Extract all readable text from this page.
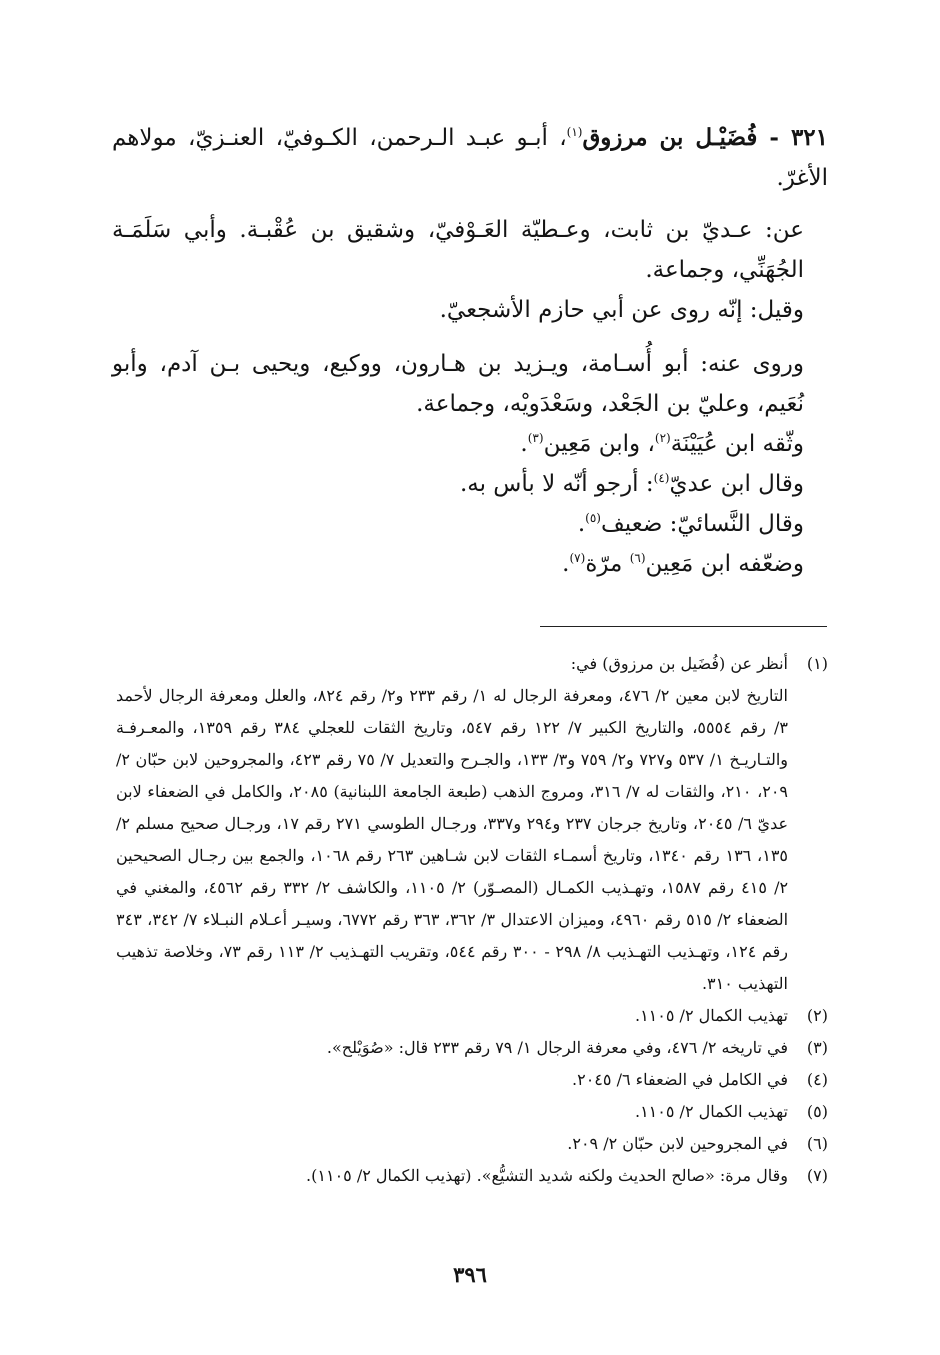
٣٢١ - فُضَيْـل بن مرزوق$^{(١)}$، أبـو عبـد الـرحمن، الكـوفيّ، العنـزيّ، مولاهم الأغرّ.

عن: عـديّ بن ثابت، وعـطيّة العَـوْفيّ، وشقيق بن عُقْبـة. وأبي سَلَمَـة الجُهَنِّي، وجماعة.

وقيل: إنّه روى عن أبي حازم الأشجعيّ.

وروى عنه: أبو أُسـامة، ويـزيد بن هـارون، ووكيع، ويحيى بـن آدم، وأبو نُعَيم، وعليّ بن الجَعْد، وسَعْدَويْه، وجماعة.

وثّقه ابن عُيَيْنَة$^{(٢)}$، وابن مَعِين$^{(٣)}$.

وقال ابن عديّ$^{(٤)}$: أرجو أنّه لا بأس به.

وقال النَّسائيّ: ضعيف$^{(٥)}$.

وضعّفه ابن مَعِين$^{(٦)}$ مرّة$^{(٧)}$.

(١)
أنظر عن (فُضَيل بن مرزوق) في:
التاريخ لابن معين ٢/ ٤٧٦، ومعرفة الرجال له ١/ رقم ٢٣٣ و٢/ رقم ٨٢٤، والعلل ومعرفة الرجال لأحمد ٣/ رقم ٥٥٥٤، والتاريخ الكبير ٧/ ١٢٢ رقم ٥٤٧، وتاريخ الثقات للعجلي ٣٨٤ رقم ١٣٥٩، والمعـرفـة والتـاريـخ ١/ ٥٣٧ و٧٢٧ و٢/ ٧٥٩ و٣/ ١٣٣، والجـرح والتعديل ٧/ ٧٥ رقم ٤٢٣، والمجروحين لابن حبّان ٢/ ٢٠٩، ٢١٠، والثقات له ٧/ ٣١٦، ومروج الذهب (طبعة الجامعة اللبنانية) ٢٠٨٥، والكامل في الضعفاء لابن عديّ ٦/ ٢٠٤٥، وتاريخ جرجان ٢٣٧ و٢٩٤ و٣٣٧، ورجـال الطوسي ٢٧١ رقم ١٧، ورجـال صحيح مسلم ٢/ ١٣٥، ١٣٦ رقم ١٣٤٠، وتاريخ أسمـاء الثقات لابن شـاهين ٢٦٣ رقم ١٠٦٨، والجمع بين رجـال الصحيحين ٢/ ٤١٥ رقم ١٥٨٧، وتهـذيب الكمـال (المصـوّر) ٢/ ١١٠٥، والكاشف ٢/ ٣٣٢ رقم ٤٥٦٢، والمغني في الضعفاء ٢/ ٥١٥ رقم ٤٩٦٠، وميزان الاعتدال ٣/ ٣٦٢، ٣٦٣ رقم ٦٧٧٢، وسيـر أعـلام النبـلاء ٧/ ٣٤٢، ٣٤٣ رقم ١٢٤، وتهـذيب التهـذيب ٨/ ٢٩٨ - ٣٠٠ رقم ٥٤٤، وتقريب التهـذيب ٢/ ١١٣ رقم ٧٣، وخلاصة تذهيب التهذيب ٣١٠.
(٢)
تهذيب الكمال ٢/ ١١٠٥.
(٣)
في تاريخه ٢/ ٤٧٦، وفي معرفة الرجال ١/ ٧٩ رقم ٢٣٣ قال: «صُوَيْلح».
(٤)
في الكامل في الضعفاء ٦/ ٢٠٤٥.
(٥)
تهذيب الكمال ٢/ ١١٠٥.
(٦)
في المجروحين لابن حبّان ٢/ ٢٠٩.
(٧)
وقال مرة: «صالح الحديث ولكنه شديد التشيُّع». (تهذيب الكمال ٢/ ١١٠٥).
٣٩٦
